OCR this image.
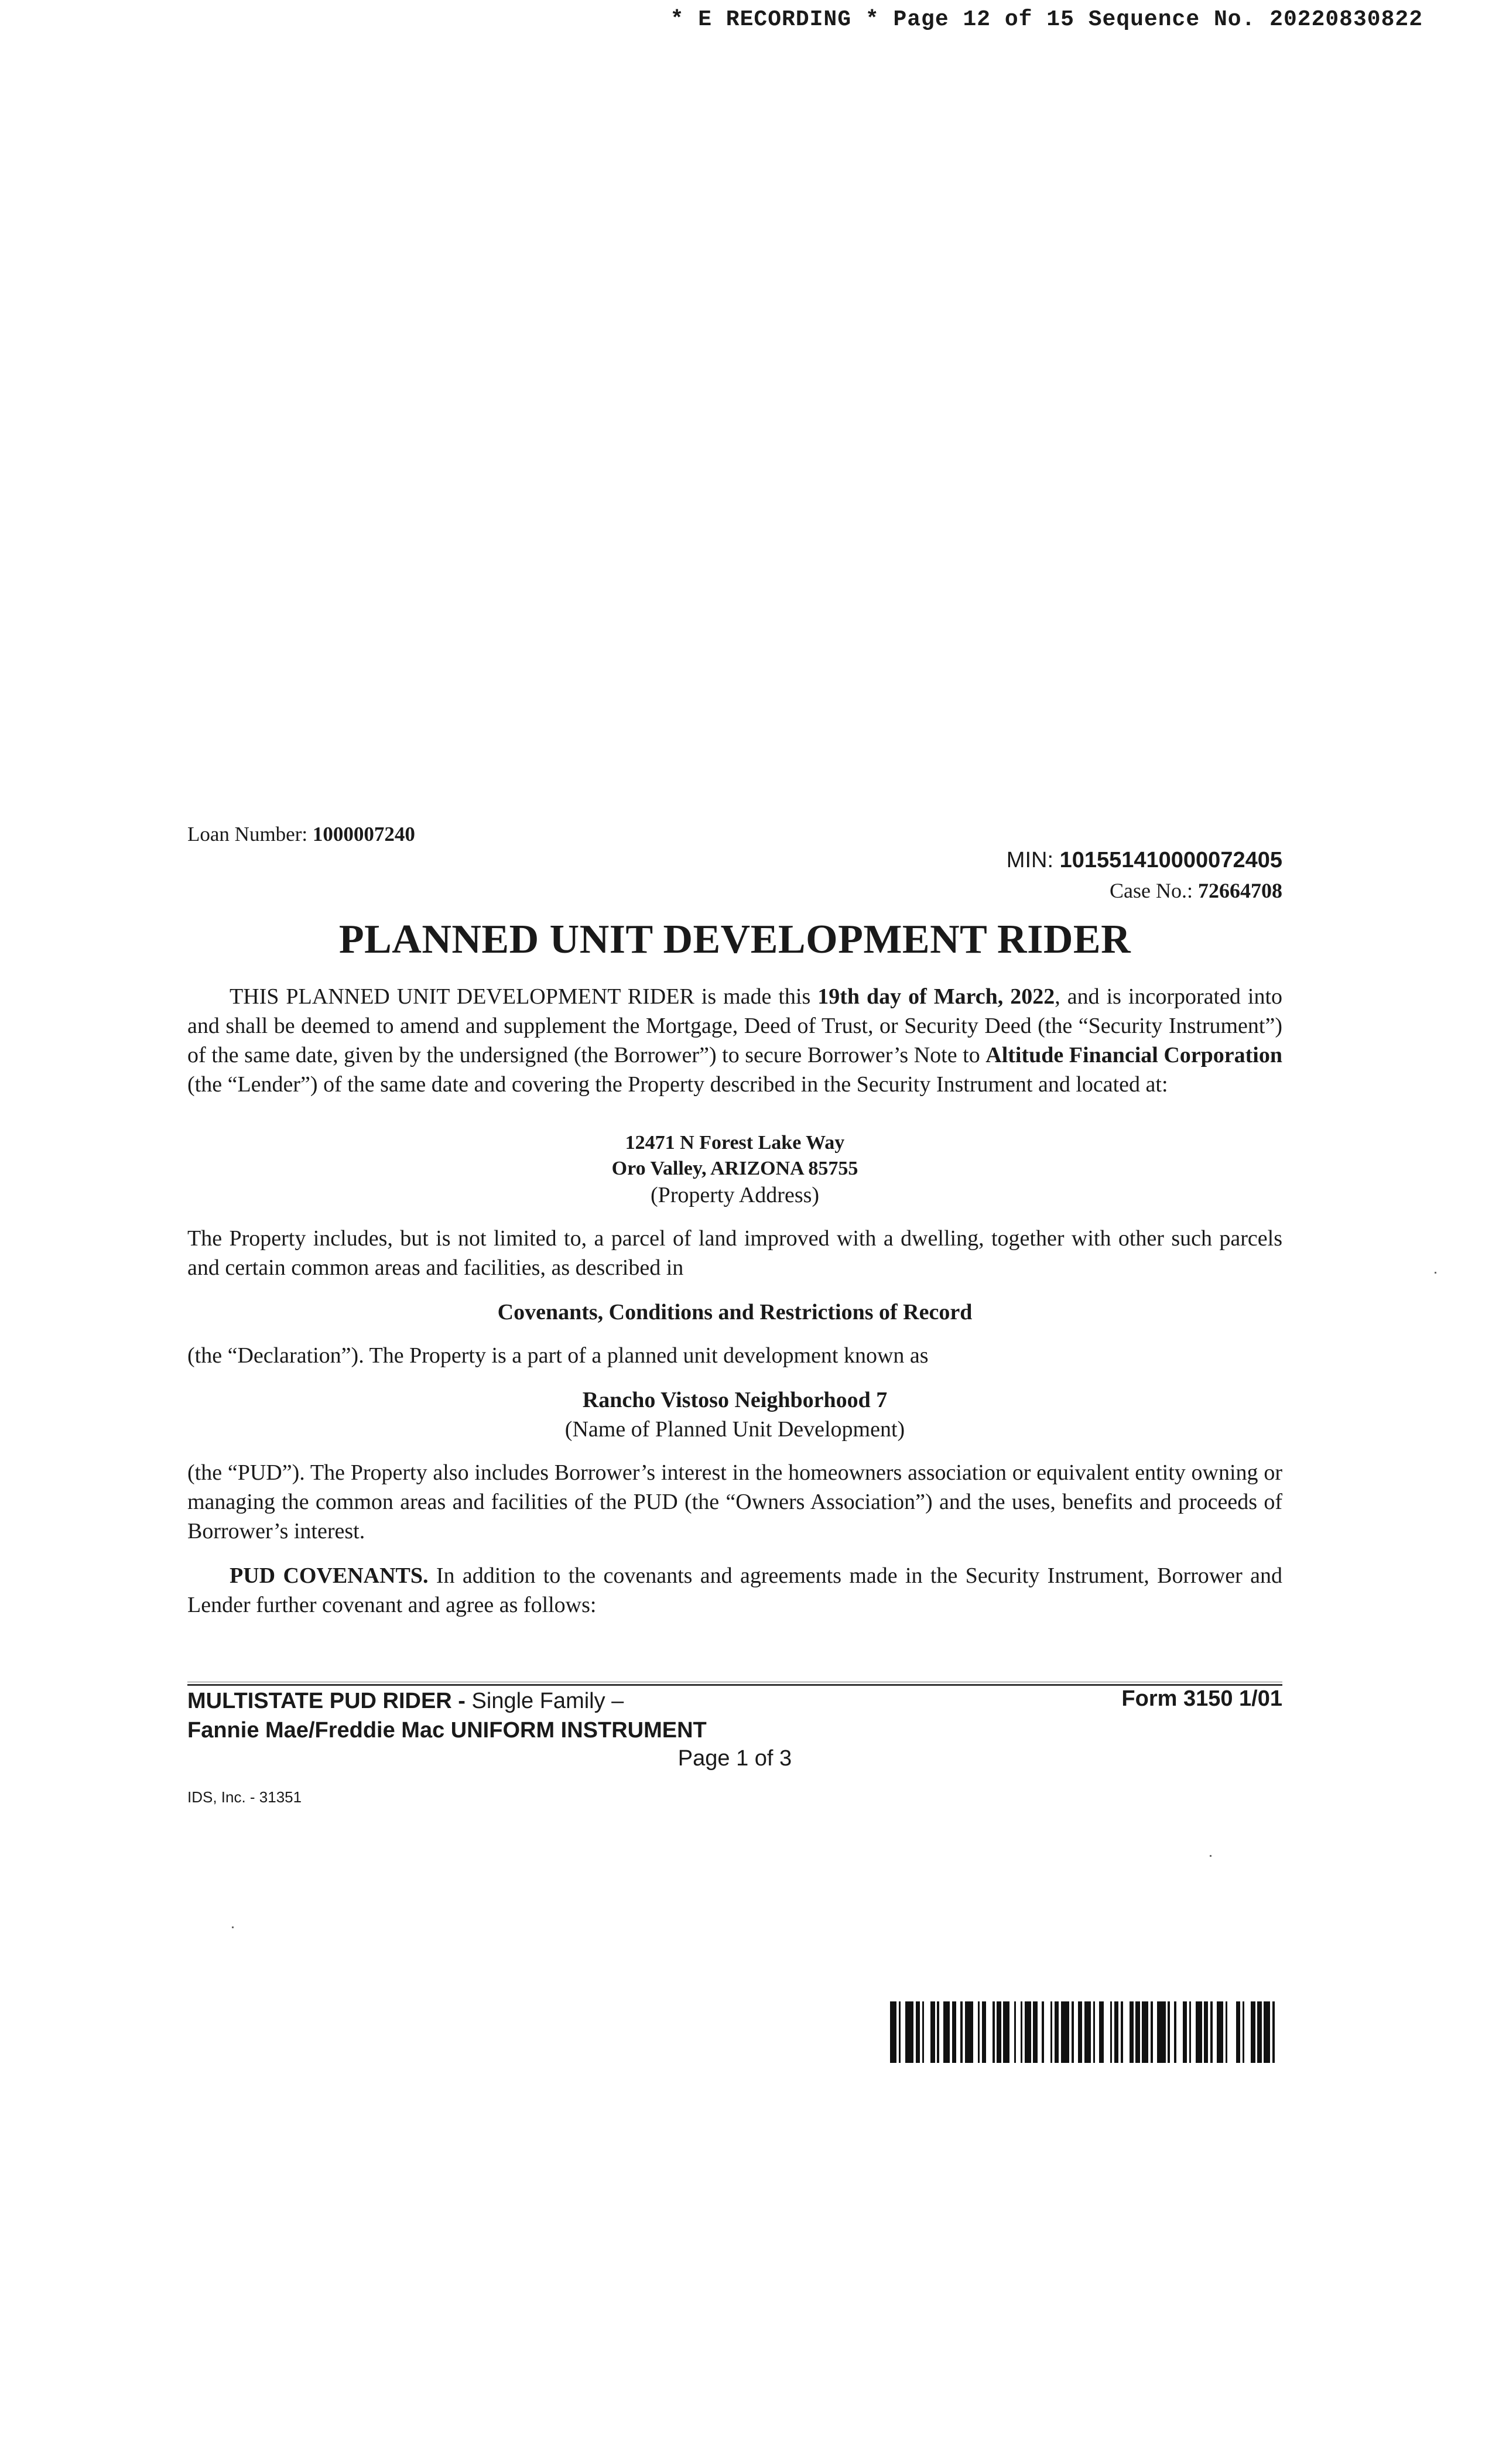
* E RECORDING * Page 12 of 15 Sequence No. 20220830822
Loan Number: 1000007240
MIN: 101551410000072405
Case No.: 72664708
PLANNED UNIT DEVELOPMENT RIDER
THIS PLANNED UNIT DEVELOPMENT RIDER is made this 19th day of March, 2022, and is incorporated into and shall be deemed to amend and supplement the Mortgage, Deed of Trust, or Security Deed (the “Security Instrument”) of the same date, given by the undersigned (the Borrower”) to secure Borrower’s Note to Altitude Financial Corporation (the “Lender”) of the same date and covering the Property described in the Security Instrument and located at:
12471 N Forest Lake Way
Oro Valley, ARIZONA 85755
(Property Address)
The Property includes, but is not limited to, a parcel of land improved with a dwelling, together with other such parcels and certain common areas and facilities, as described in
Covenants, Conditions and Restrictions of Record
(the “Declaration”). The Property is a part of a planned unit development known as
Rancho Vistoso Neighborhood 7
(Name of Planned Unit Development)
(the “PUD”). The Property also includes Borrower’s interest in the homeowners association or equivalent entity owning or managing the common areas and facilities of the PUD (the “Owners Association”) and the uses, benefits and proceeds of Borrower’s interest.
PUD COVENANTS. In addition to the covenants and agreements made in the Security Instrument, Borrower and Lender further covenant and agree as follows:
MULTISTATE PUD RIDER - Single Family –
Fannie Mae/Freddie Mac UNIFORM INSTRUMENT
Form 3150 1/01
Page 1 of 3
IDS, Inc. - 31351
